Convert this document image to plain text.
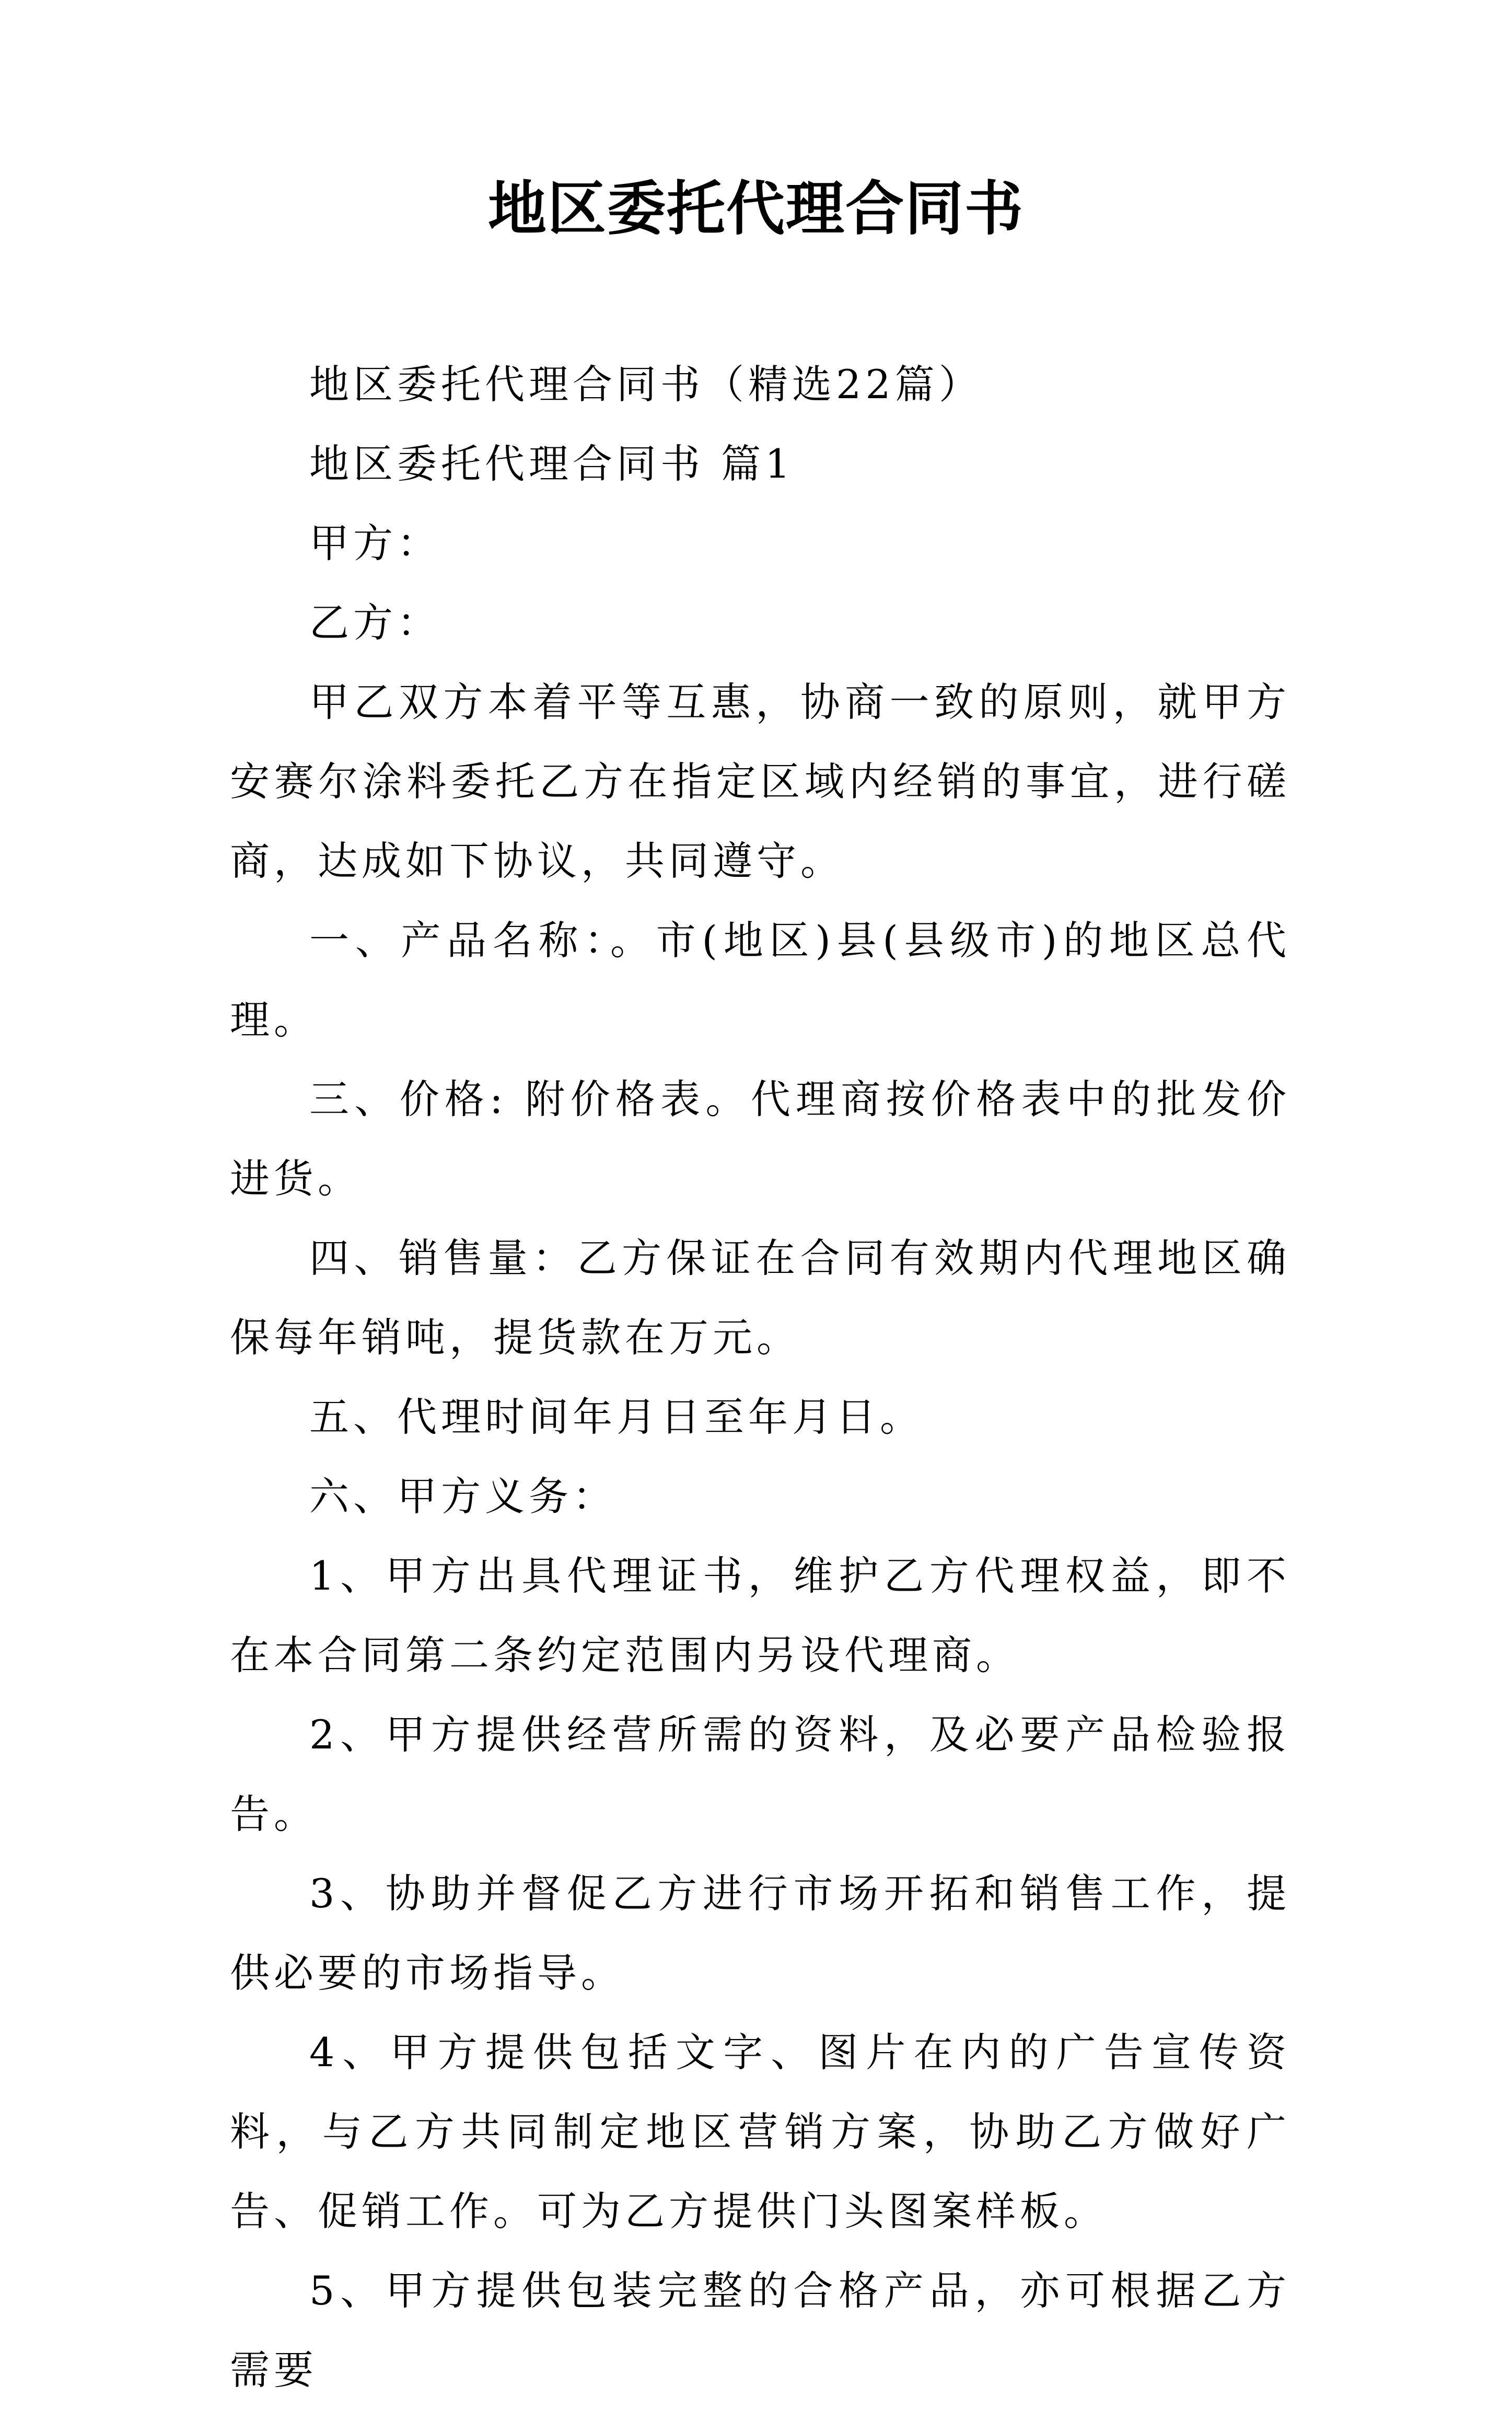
地区委托代理合同书

地区委托代理合同书（精选22篇）

地区委托代理合同书 篇1

甲方：

乙方：

甲乙双方本着平等互惠，协商一致的原则，就甲方安赛尔涂料委托乙方在指定区域内经销的事宜，进行磋商，达成如下协议，共同遵守。

一、产品名称：。市(地区)县(县级市)的地区总代理。

三、价格: 附价格表。代理商按价格表中的批发价进货。

四、销售量：乙方保证在合同有效期内代理地区确保每年销吨，提货款在万元。

五、代理时间年月日至年月日。

六、甲方义务：

1、甲方出具代理证书，维护乙方代理权益，即不在本合同第二条约定范围内另设代理商。

2、甲方提供经营所需的资料，及必要产品检验报告。

3、协助并督促乙方进行市场开拓和销售工作，提供必要的市场指导。

4、甲方提供包括文字、图片在内的广告宣传资料，与乙方共同制定地区营销方案，协助乙方做好广告、促销工作。可为乙方提供门头图案样板。

5、甲方提供包装完整的合格产品，亦可根据乙方需要
